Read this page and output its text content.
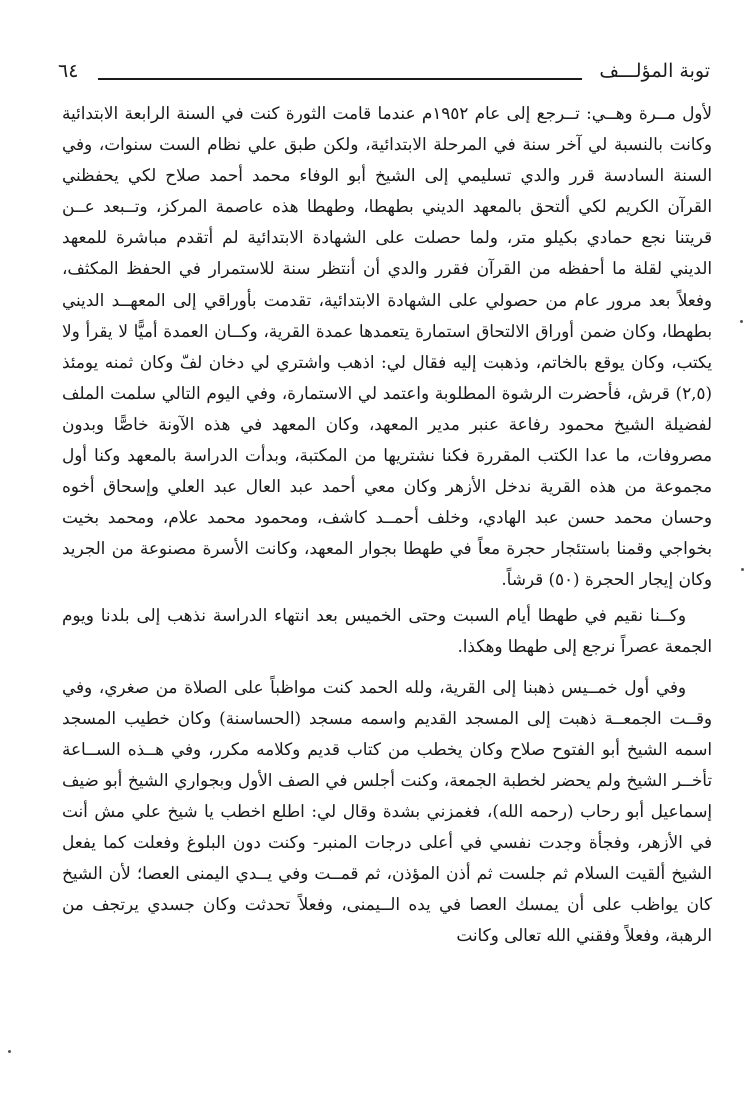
توبة المؤلـــف
٦٤

لأول مــرة وهــي: تــرجع إلى عام ١٩٥٢م عندما قامت الثورة كنت في السنة الرابعة الابتدائية وكانت بالنسبة لي آخر سنة في المرحلة الابتدائية، ولكن طبق علي نظام الست سنوات، وفي السنة السادسة قرر والدي تسليمي إلى الشيخ أبو الوفاء محمد أحمد صلاح لكي يحفظني القرآن الكريم لكي ألتحق بالمعهد الديني بطهطا، وطهطا هذه عاصمة المركز، وتــبعد عــن قريتنا نجع حمادي بكيلو متر، ولما حصلت على الشهادة الابتدائية لم أتقدم مباشرة للمعهد الديني لقلة ما أحفظه من القرآن فقرر والدي أن أنتظر سنة للاستمرار في الحفظ المكثف، وفعلاً بعد مرور عام من حصولي على الشهادة الابتدائية، تقدمت بأوراقي إلى المعهــد الديني بطهطا، وكان ضمن أوراق الالتحاق استمارة يتعمدها عمدة القرية، وكــان العمدة أميًّا لا يقرأ ولا يكتب، وكان يوقع بالخاتم، وذهبت إليه فقال لي: اذهب واشتري لي دخان لفّ وكان ثمنه يومئذ (٢,٥) قرش، فأحضرت الرشوة المطلوبة واعتمد لي الاستمارة، وفي اليوم التالي سلمت الملف لفضيلة الشيخ محمود رفاعة عنبر مدير المعهد، وكان المعهد في هذه الآونة خاصًّا وبدون مصروفات، ما عدا الكتب المقررة فكنا نشتريها من المكتبة، وبدأت الدراسة بالمعهد وكنا أول مجموعة من هذه القرية ندخل الأزهر وكان معي أحمد عبد العال عبد العلي وإسحاق أخوه وحسان محمد حسن عبد الهادي، وخلف أحمــد كاشف، ومحمود محمد علام، ومحمد بخيت بخواجي وقمنا باستئجار حجرة معاً في طهطا بجوار المعهد، وكانت الأسرة مصنوعة من الجريد وكان إيجار الحجرة (٥٠) قرشاً.

وكــنا نقيم في طهطا أيام السبت وحتى الخميس بعد انتهاء الدراسة نذهب إلى بلدنا ويوم الجمعة عصراً نرجع إلى طهطا وهكذا.

وفي أول خمــيس ذهبنا إلى القرية، ولله الحمد كنت مواظباً على الصلاة من صغري، وفي وقــت الجمعــة ذهبت إلى المسجد القديم واسمه مسجد (الحساسنة) وكان خطيب المسجد اسمه الشيخ أبو الفتوح صلاح وكان يخطب من كتاب قديم وكلامه مكرر، وفي هــذه الســاعة تأخــر الشيخ ولم يحضر لخطبة الجمعة، وكنت أجلس في الصف الأول وبجواري الشيخ أبو ضيف إسماعيل أبو رحاب (رحمه الله)، فغمزني بشدة وقال لي: اطلع اخطب يا شيخ علي مش أنت في الأزهر، وفجأة وجدت نفسي في أعلى درجات المنبر- وكنت دون البلوغ وفعلت كما يفعل الشيخ ألقيت السلام ثم جلست ثم أذن المؤذن، ثم قمــت وفي يــدي اليمنى العصا؛ لأن الشيخ كان يواظب على أن يمسك العصا في يده الــيمنى، وفعلاً تحدثت وكان جسدي يرتجف من الرهبة، وفعلاً وفقني الله تعالى وكانت
